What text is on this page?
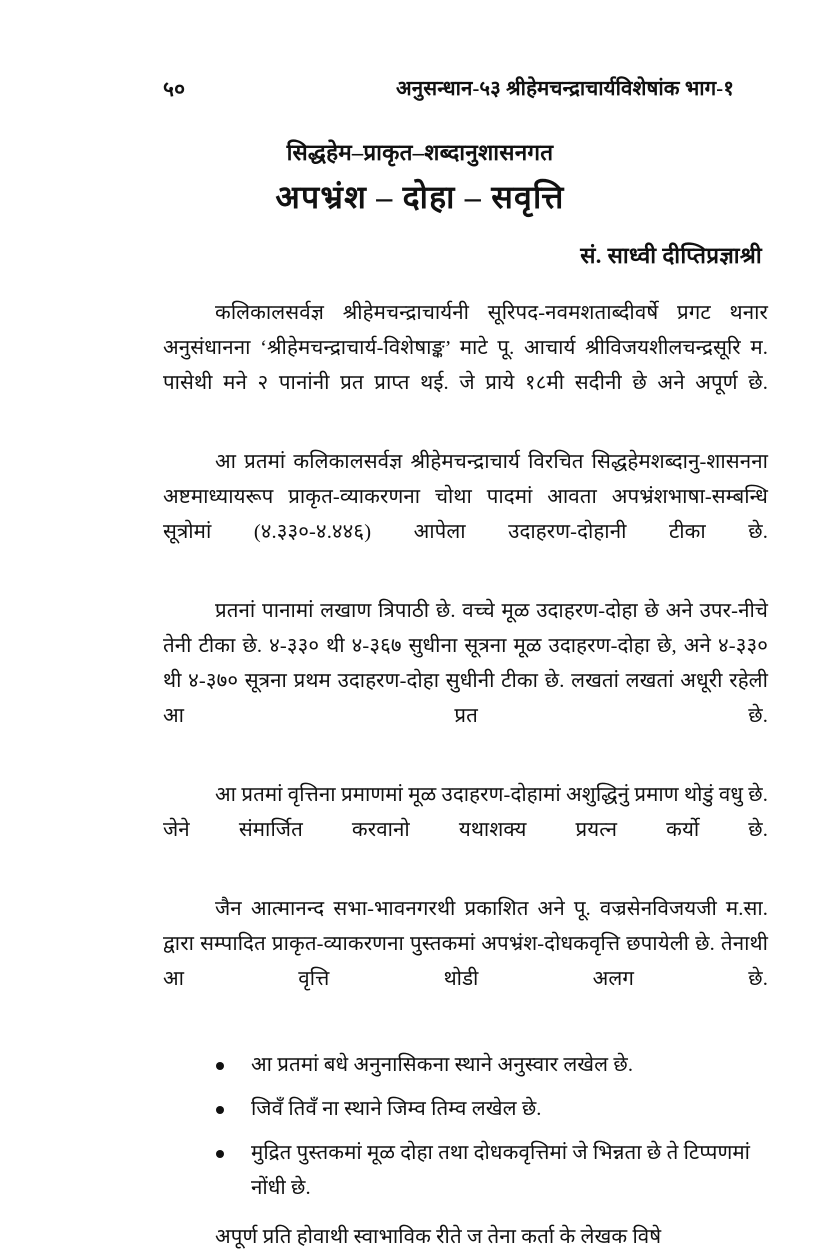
५०	अनुसन्धान-५३ श्रीहेमचन्द्राचार्यविशेषांक भाग-१
सिद्धहेम–प्राकृत–शब्दानुशासनगत
अपभ्रंश – दोहा – सवृत्ति
सं. साध्वी दीप्तिप्रज्ञाश्री

कलिकालसर्वज्ञ श्रीहेमचन्द्राचार्यनी सूरिपद-नवमशताब्दीवर्षे प्रगट थनार अनुसंधानना ‘श्रीहेमचन्द्राचार्य-विशेषाङ्क’ माटे पू. आचार्य श्रीविजयशीलचन्द्रसूरि म. पासेथी मने २ पानांनी प्रत प्राप्त थई. जे प्राये १८मी सदीनी छे अने अपूर्ण छे.

आ प्रतमां कलिकालसर्वज्ञ श्रीहेमचन्द्राचार्य विरचित सिद्धहेमशब्दानु-शासनना अष्टमाध्यायरूप प्राकृत-व्याकरणना चोथा पादमां आवता अपभ्रंशभाषा-सम्बन्धि सूत्रोमां (४.३३०-४.४४६) आपेला उदाहरण-दोहानी टीका छे.

प्रतनां पानामां लखाण त्रिपाठी छे. वच्चे मूळ उदाहरण-दोहा छे अने उपर-नीचे तेनी टीका छे. ४-३३० थी ४-३६७ सुधीना सूत्रना मूळ उदाहरण-दोहा छे, अने ४-३३० थी ४-३७० सूत्रना प्रथम उदाहरण-दोहा सुधीनी टीका छे. लखतां लखतां अधूरी रहेली आ प्रत छे.

आ प्रतमां वृत्तिना प्रमाणमां मूळ उदाहरण-दोहामां अशुद्धिनुं प्रमाण थोडुं वधु छे. जेने संमार्जित करवानो यथाशक्य प्रयत्न कर्यो छे.

जैन आत्मानन्द सभा-भावनगरथी प्रकाशित अने पू. वज्रसेनविजयजी म.सा. द्वारा सम्पादित प्राकृत-व्याकरणना पुस्तकमां अपभ्रंश-दोधकवृत्ति छपायेली छे. तेनाथी आ वृत्ति थोडी अलग छे.

आ प्रतमां बधे अनुनासिकना स्थाने अनुस्वार लखेल छे.
जिवँ तिवँ ना स्थाने जिम्व तिम्व लखेल छे.
मुद्रित पुस्तकमां मूळ दोहा तथा दोधकवृत्तिमां जे भिन्नता छे ते टिप्पणमां नोंधी छे.

अपूर्ण प्रति होवाथी स्वाभाविक रीते ज तेना कर्ता के लेखक विषे
